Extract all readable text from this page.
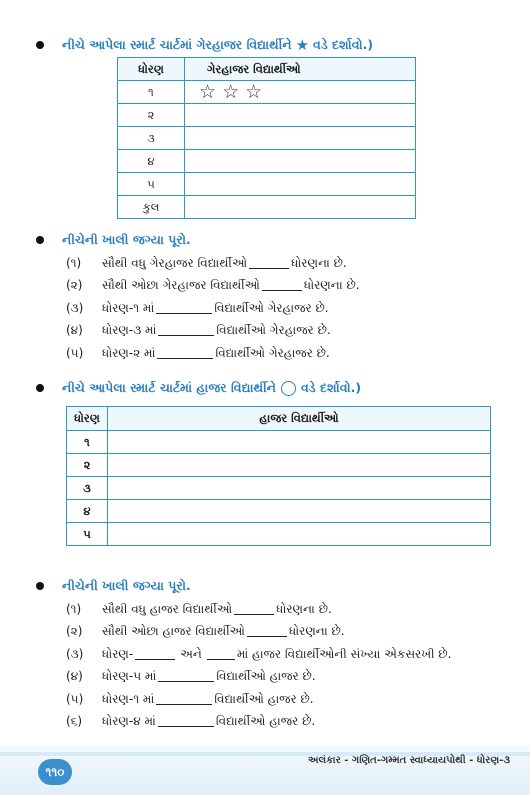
નીચે આપેલા સ્માર્ટ ચાર્ટમાં ગેરહાજર વિદ્યાર્થીને ★ વડે દર્શાવો.)
ધોરણ	ગેરહાજર વિદ્યાર્થીઓ
૧	☆ ☆ ☆
૨	
૩	
૪	
૫	
કુલ	
નીચેની ખાલી જગ્યા પૂરો.
(૧)	સૌથી વધુ ગેરહાજર વિદ્યાર્થીઓ	ધોરણના છે.
(૨)	સૌથી ઓછા ગેરહાજર વિદ્યાર્થીઓ	ધોરણના છે.
(૩)	ધોરણ-૧ માં	વિદ્યાર્થીઓ ગેરહાજર છે.
(૪)	ધોરણ-૩ માં	વિદ્યાર્થીઓ ગેરહાજર છે.
(૫)	ધોરણ-૨ માં	વિદ્યાર્થીઓ ગેરહાજર છે.
નીચે આપેલા સ્માર્ટ ચાર્ટમાં હાજર વિદ્યાર્થીને વડે દર્શાવો.)
ધોરણ	હાજર વિદ્યાર્થીઓ
૧	
૨	
૩	
૪	
૫	
નીચેની ખાલી જગ્યા પૂરો.
(૧)	સૌથી વધુ હાજર વિદ્યાર્થીઓ	ધોરણના છે.
(૨)	સૌથી ઓછા હાજર વિદ્યાર્થીઓ	ધોરણના છે.
(૩)	ધોરણ-	અને	માં હાજર વિદ્યાર્થીઓની સંખ્યા એકસરખી છે.
(૪)	ધોરણ-૫ માં	વિદ્યાર્થીઓ હાજર છે.
(૫)	ધોરણ-૧ માં	વિદ્યાર્થીઓ હાજર છે.
(૬)	ધોરણ-૪ માં	વિદ્યાર્થીઓ હાજર છે.
૧૧૦
અલંકાર - ગણિત-ગમ્મત સ્વાધ્યાયપોથી - ધોરણ-૩
